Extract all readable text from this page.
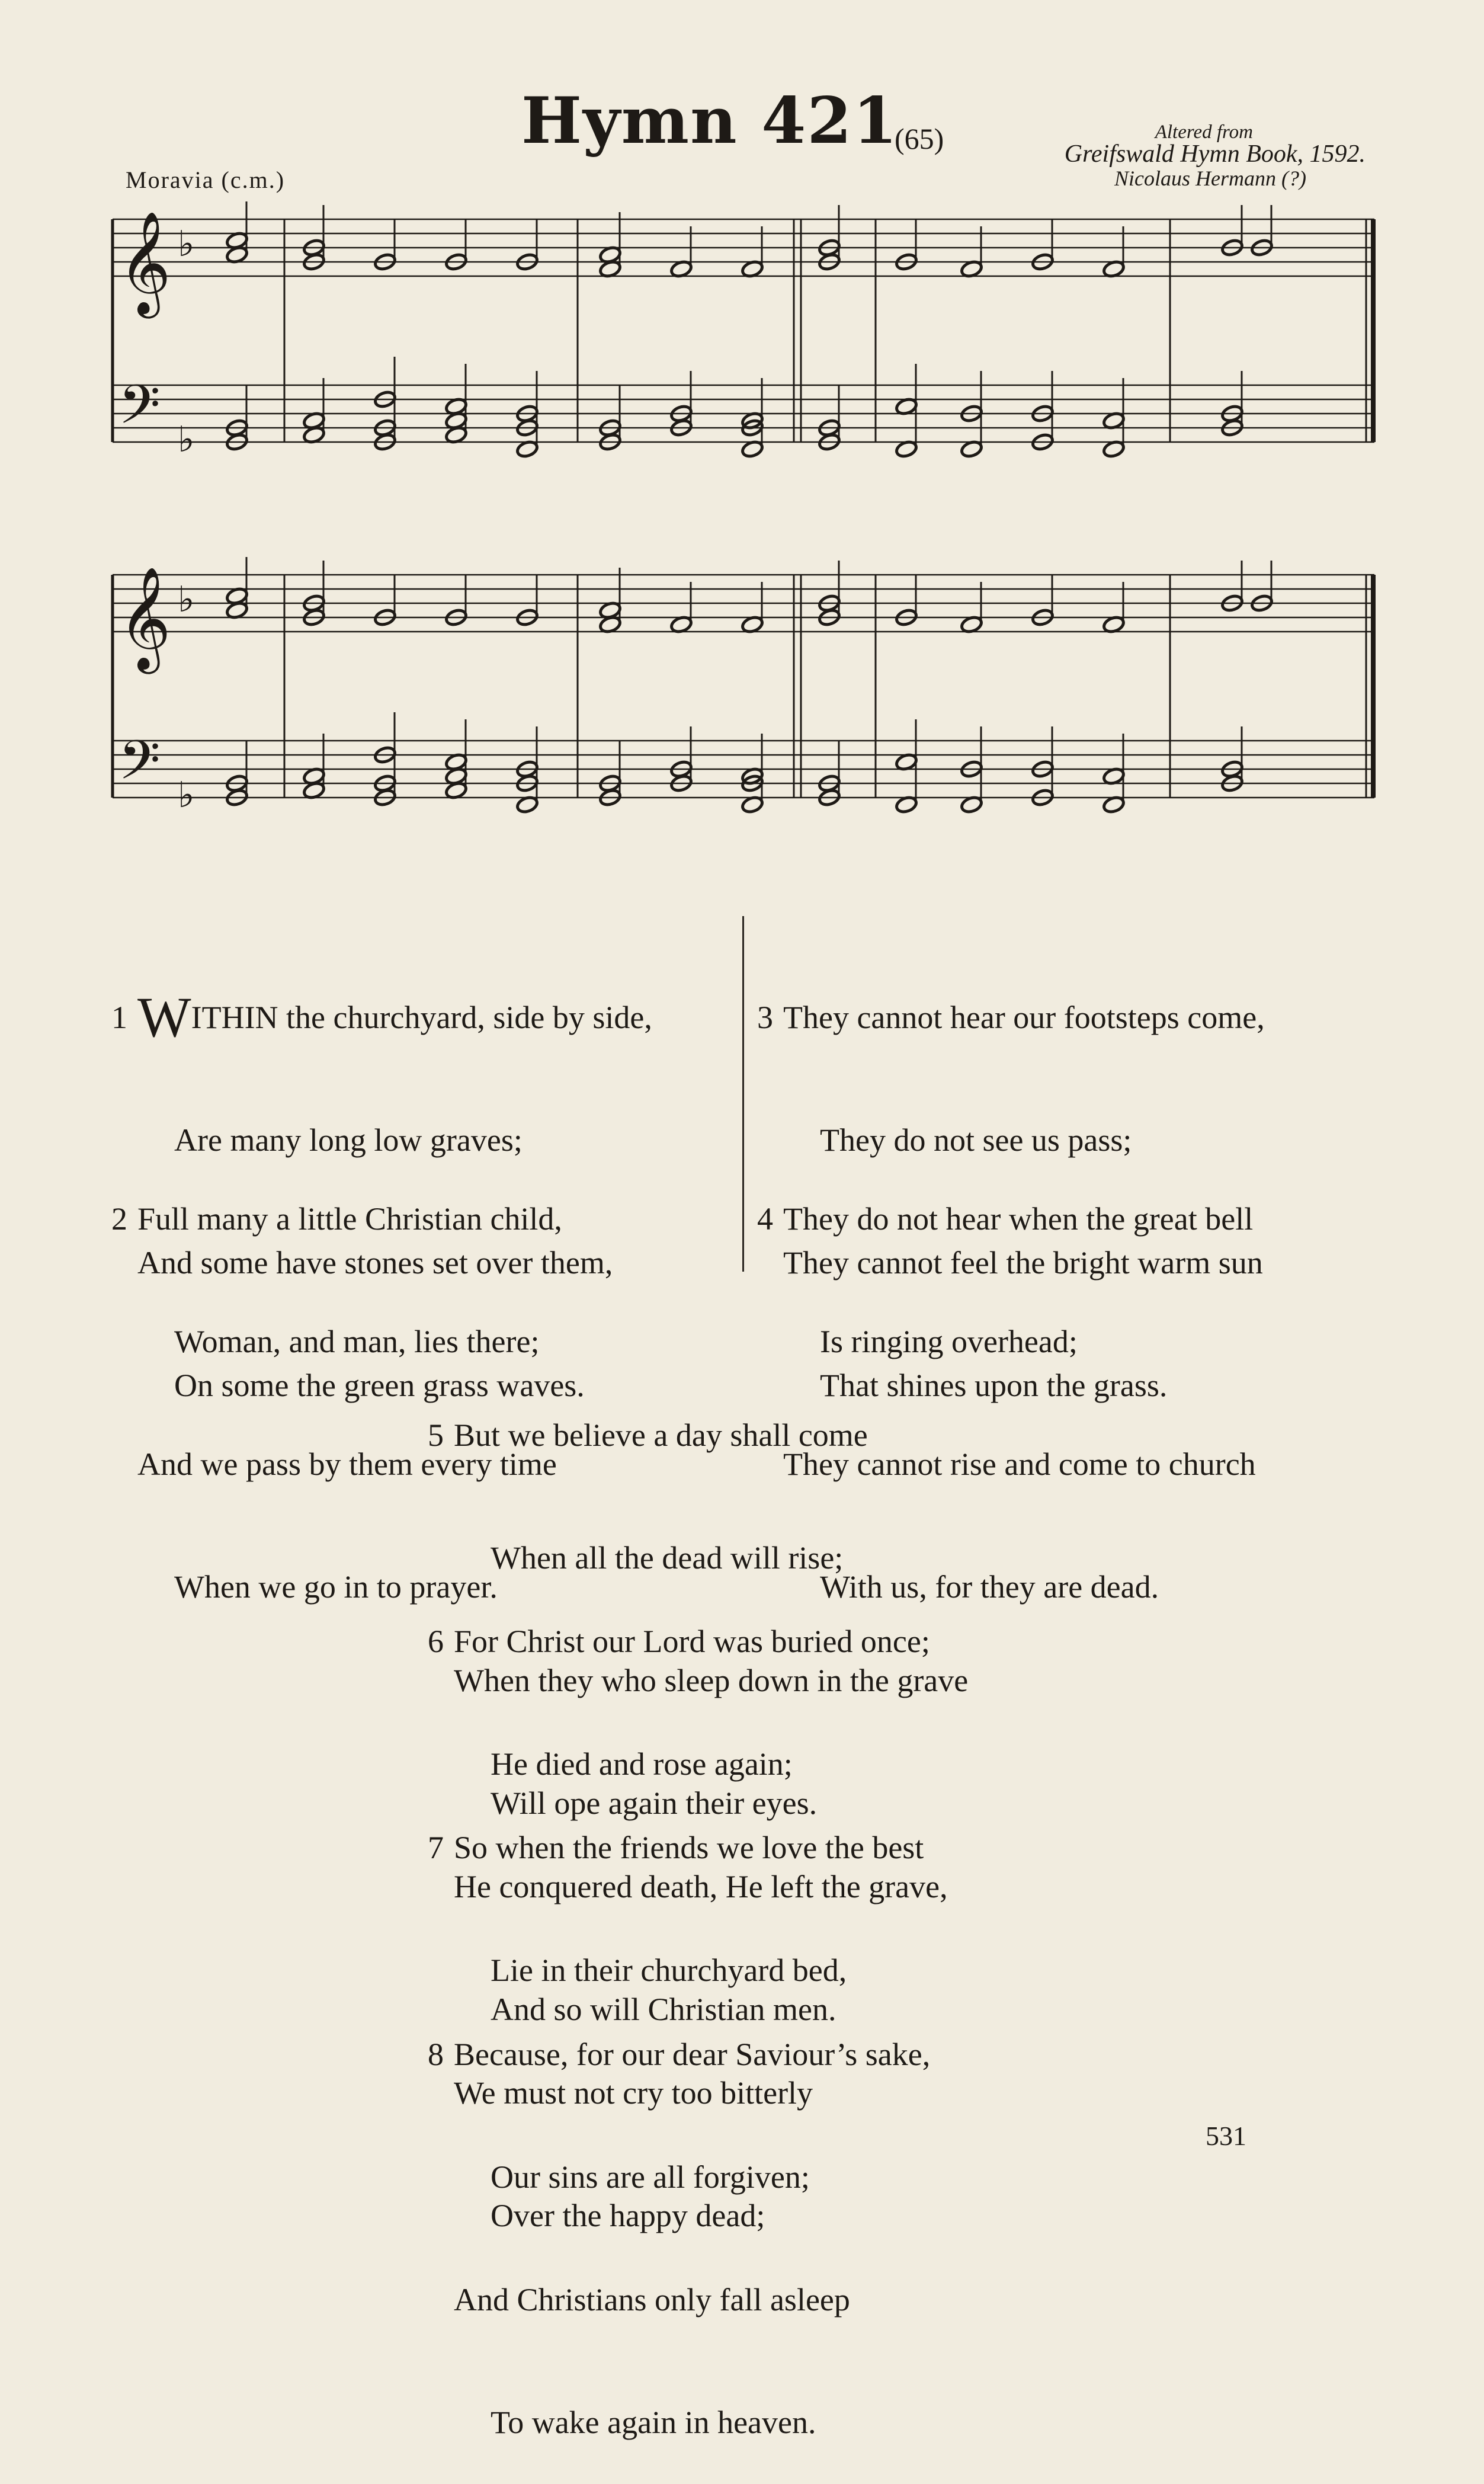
Hymn 421
(65)
Moravia (c.m.)
Altered from
Greifswald Hymn Book, 1592.
Nicolaus Hermann (?)
𝄞
𝄢
♭
♭
𝄞
𝄢
♭
♭

1 WITHIN the churchyard, side by side,

Are many long low graves;

And some have stones set over them,

On some the green grass waves.

2 Full many a little Christian child,

Woman, and man, lies there;

And we pass by them every time

When we go in to prayer.

3 They cannot hear our footsteps come,

They do not see us pass;

They cannot feel the bright warm sun

That shines upon the grass.

4 They do not hear when the great bell

Is ringing overhead;

They cannot rise and come to church

With us, for they are dead.

5 But we believe a day shall come

When all the dead will rise;

When they who sleep down in the grave

Will ope again their eyes.

6 For Christ our Lord was buried once;

He died and rose again;

He conquered death, He left the grave,

And so will Christian men.

7 So when the friends we love the best

Lie in their churchyard bed,

We must not cry too bitterly

Over the happy dead;

8 Because, for our dear Saviour’s sake,

Our sins are all forgiven;

And Christians only fall asleep

To wake again in heaven.

531
